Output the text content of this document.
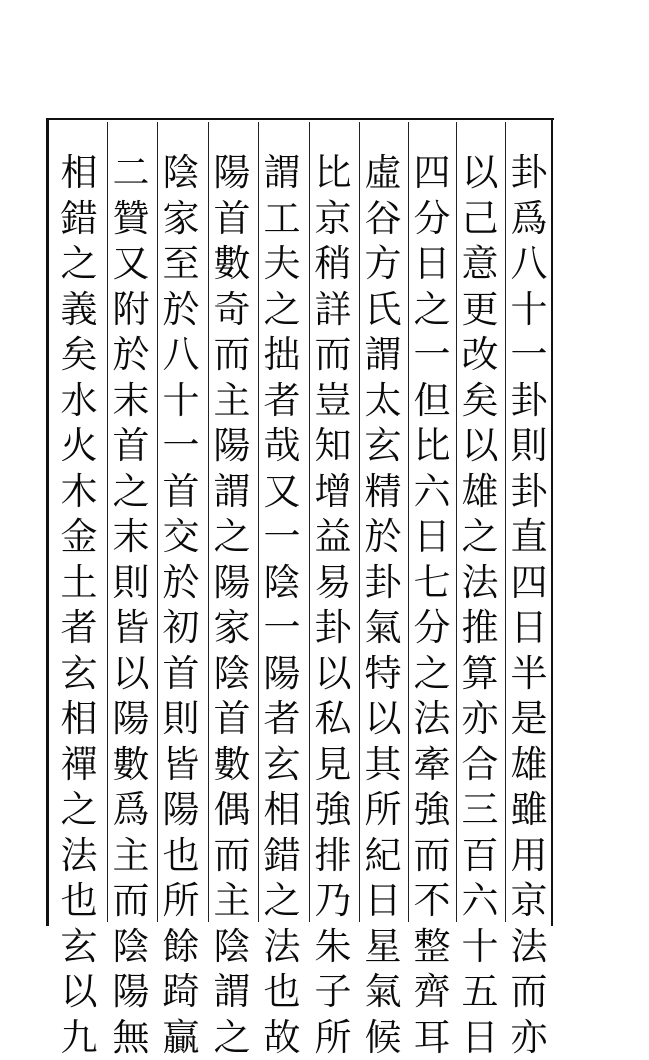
卦
爲
八
十
一
卦
則
卦
直
四
日
半
是
雄
雖
用
京
法
而
亦
以
己
意
更
改
矣
以
雄
之
法
推
算
亦
合
三
百
六
十
五
日
四
分
日
之
一
但
比
六
日
七
分
之
法
牽
強
而
不
整
齊
耳
虛
谷
方
氏
謂
太
玄
精
於
卦
氣
特
以
其
所
紀
日
星
氣
候
比
京
稍
詳
而
豈
知
增
益
易
卦
以
私
見
強
排
乃
朱
子
所
謂
工
夫
之
拙
者
哉
又
一
陰
一
陽
者
玄
相
錯
之
法
也
故
陽
首
數
奇
而
主
陽
謂
之
陽
家
陰
首
數
偶
而
主
陰
謂
之
陰
家
至
於
八
十
一
首
交
於
初
首
則
皆
陽
也
所
餘
踦
贏
二
贊
又
附
於
末
首
之
末
則
皆
以
陽
數
爲
主
而
陰
陽
無
相
錯
之
義
矣
水
火
木
金
土
者
玄
相
禪
之
法
也
玄
以
九
